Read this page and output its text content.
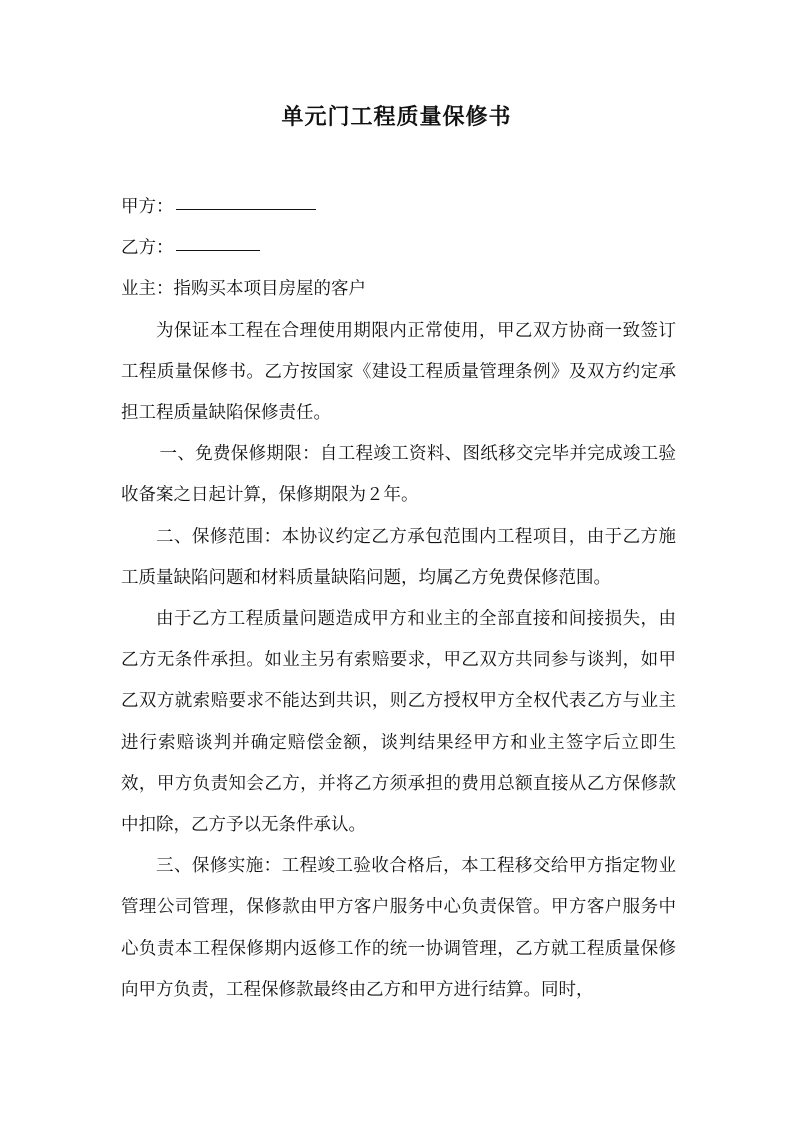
单元门工程质量保修书
甲方：
乙方：
业主：指购买本项目房屋的客户

为保证本工程在合理使用期限内正常使用，甲乙双方协商一致签订工程质量保修书。乙方按国家《建设工程质量管理条例》及双方约定承担工程质量缺陷保修责任。

一、免费保修期限：自工程竣工资料、图纸移交完毕并完成竣工验收备案之日起计算，保修期限为２年。

二、保修范围：本协议约定乙方承包范围内工程项目，由于乙方施工质量缺陷问题和材料质量缺陷问题，均属乙方免费保修范围。

由于乙方工程质量问题造成甲方和业主的全部直接和间接损失，由乙方无条件承担。如业主另有索赔要求，甲乙双方共同参与谈判，如甲乙双方就索赔要求不能达到共识，则乙方授权甲方全权代表乙方与业主进行索赔谈判并确定赔偿金额，谈判结果经甲方和业主签字后立即生效，甲方负责知会乙方，并将乙方须承担的费用总额直接从乙方保修款中扣除，乙方予以无条件承认。

三、保修实施：工程竣工验收合格后，本工程移交给甲方指定物业管理公司管理，保修款由甲方客户服务中心负责保管。甲方客户服务中心负责本工程保修期内返修工作的统一协调管理，乙方就工程质量保修向甲方负责，工程保修款最终由乙方和甲方进行结算。同时，
